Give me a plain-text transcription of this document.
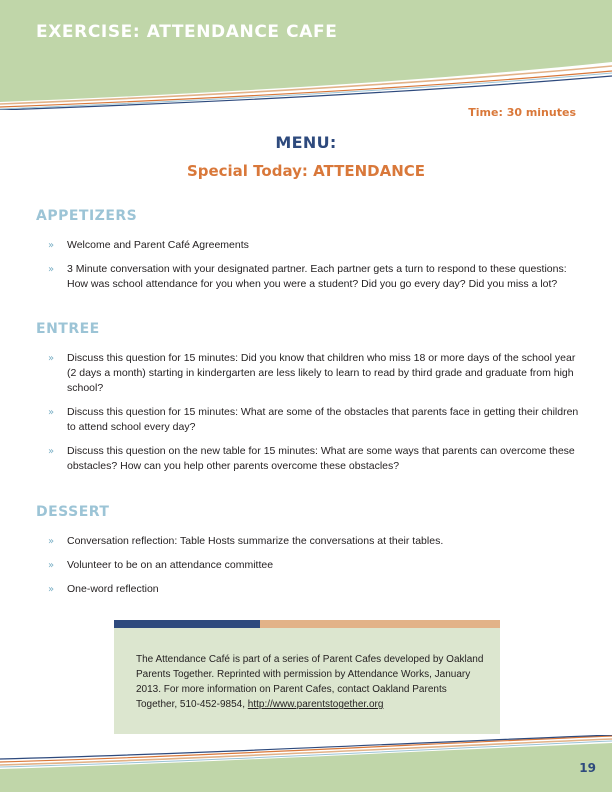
EXERCISE: ATTENDANCE CAFE
Time: 30 minutes
MENU:
Special Today: ATTENDANCE
APPETIZERS
» Welcome and Parent Café Agreements
» 3 Minute conversation with your designated partner. Each partner gets a turn to respond to these questions: How was school attendance for you when you were a student? Did you go every day? Did you miss a lot?
ENTREE
» Discuss this question for 15 minutes: Did you know that children who miss 18 or more days of the school year (2 days a month) starting in kindergarten are less likely to learn to read by third grade and graduate from high school?
» Discuss this question for 15 minutes: What are some of the obstacles that parents face in getting their children to attend school every day?
» Discuss this question on the new table for 15 minutes: What are some ways that parents can overcome these obstacles? How can you help other parents overcome these obstacles?
DESSERT
» Conversation reflection: Table Hosts summarize the conversations at their tables.
» Volunteer to be on an attendance committee
» One-word reflection
The Attendance Café is part of a series of Parent Cafes developed by Oakland Parents Together. Reprinted with permission by Attendance Works, January 2013. For more information on Parent Cafes, contact Oakland Parents Together, 510-452-9854, http://www.parentstogether.org
19
